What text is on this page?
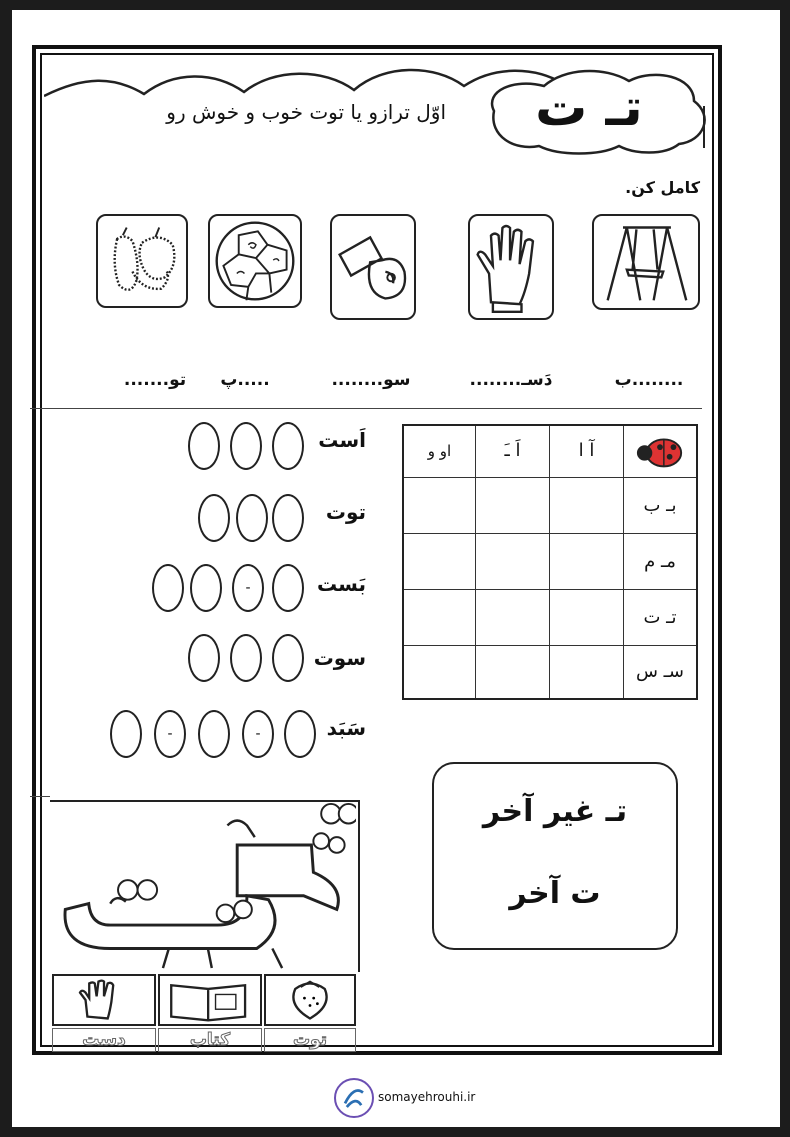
تـ ت
اوّل ترازو یا توت خوب و خوش رو
کامل کن.
........ب
دَسـ........
سو........
.....پ
تو.......
اَست
توت
بَست
-
سوت
سَبَد
-
-
آ ا
اَ ـَ
او و
بـ ب
مـ م
تـ ت
سـ س
تـ غیر آخر
ت آخر
توت
کتاب
دست
somayehrouhi.ir
